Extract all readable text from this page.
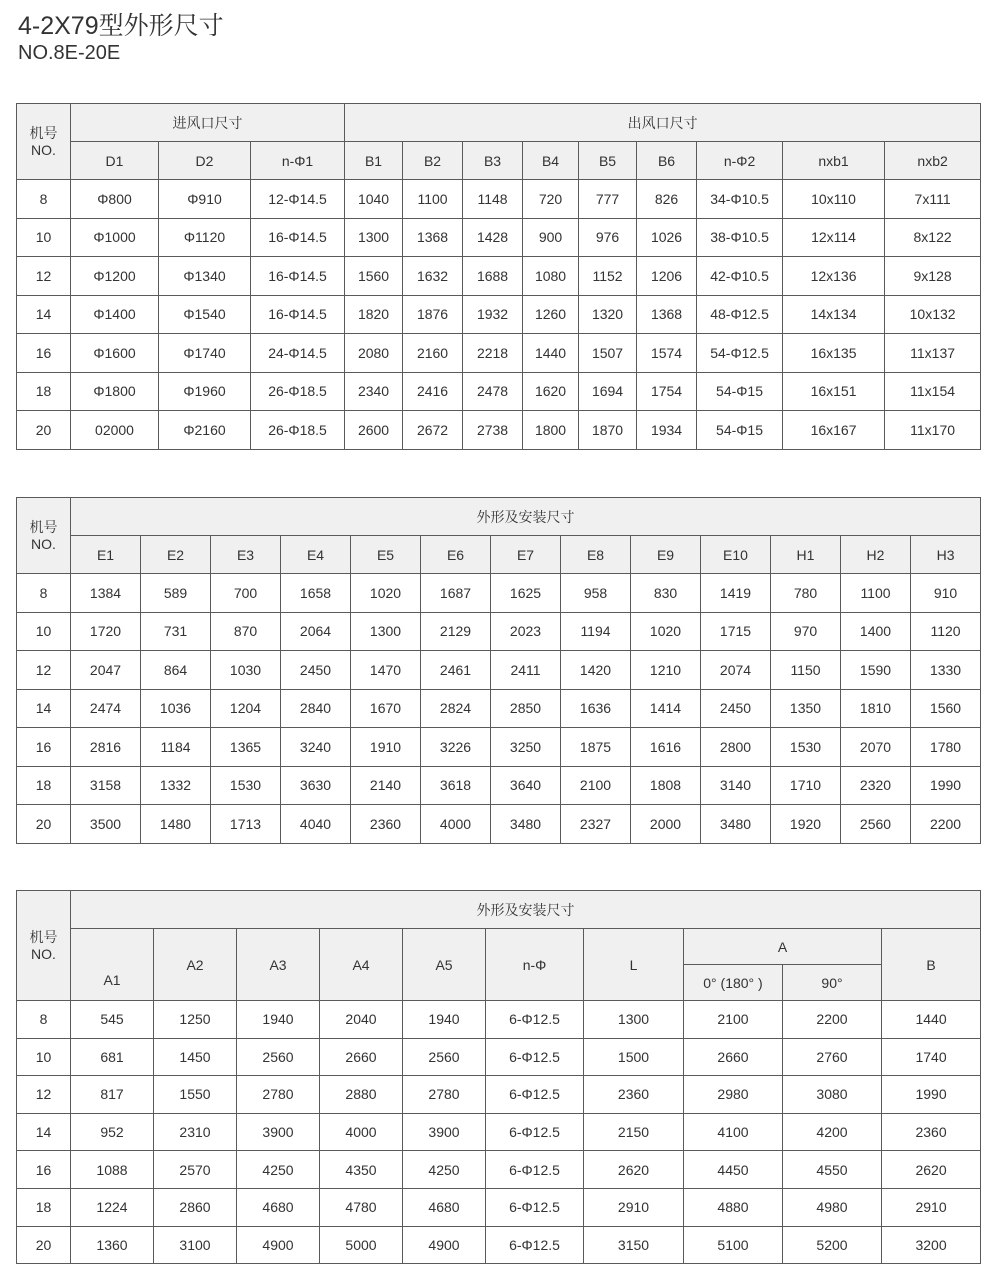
4-2X79型外形尺寸
NO.8E-20E
机号
NO.	进风口尺寸			出风口尺寸								
	D1	D2	n-Φ1	B1	B2	B3	B4	B5	B6	n-Φ2	nxb1	nxb2
8	Φ800	Φ910	12-Φ14.5	1040	1100	1148	720	777	826	34-Φ10.5	10x110	7x111
10	Φ1000	Φ1120	16-Φ14.5	1300	1368	1428	900	976	1026	38-Φ10.5	12x114	8x122
12	Φ1200	Φ1340	16-Φ14.5	1560	1632	1688	1080	1152	1206	42-Φ10.5	12x136	9x128
14	Φ1400	Φ1540	16-Φ14.5	1820	1876	1932	1260	1320	1368	48-Φ12.5	14x134	10x132
16	Φ1600	Φ1740	24-Φ14.5	2080	2160	2218	1440	1507	1574	54-Φ12.5	16x135	11x137
18	Φ1800	Φ1960	26-Φ18.5	2340	2416	2478	1620	1694	1754	54-Φ15	16x151	11x154
20	02000	Φ2160	26-Φ18.5	2600	2672	2738	1800	1870	1934	54-Φ15	16x167	11x170
机号
NO.	外形及安装尺寸												
	E1	E2	E3	E4	E5	E6	E7	E8	E9	E10	H1	H2	H3
8	1384	589	700	1658	1020	1687	1625	958	830	1419	780	1100	910
10	1720	731	870	2064	1300	2129	2023	1194	1020	1715	970	1400	1120
12	2047	864	1030	2450	1470	2461	2411	1420	1210	2074	1150	1590	1330
14	2474	1036	1204	2840	1670	2824	2850	1636	1414	2450	1350	1810	1560
16	2816	1184	1365	3240	1910	3226	3250	1875	1616	2800	1530	2070	1780
18	3158	1332	1530	3630	2140	3618	3640	2100	1808	3140	1710	2320	1990
20	3500	1480	1713	4040	2360	4000	3480	2327	2000	3480	1920	2560	2200
机号
NO.	外形及安装尺寸									
	A1	A2	A3	A4	A5	n-Φ	L	A		B
								0° (180° )	90°	
8	545	1250	1940	2040	1940	6-Φ12.5	1300	2100	2200	1440
10	681	1450	2560	2660	2560	6-Φ12.5	1500	2660	2760	1740
12	817	1550	2780	2880	2780	6-Φ12.5	2360	2980	3080	1990
14	952	2310	3900	4000	3900	6-Φ12.5	2150	4100	4200	2360
16	1088	2570	4250	4350	4250	6-Φ12.5	2620	4450	4550	2620
18	1224	2860	4680	4780	4680	6-Φ12.5	2910	4880	4980	2910
20	1360	3100	4900	5000	4900	6-Φ12.5	3150	5100	5200	3200
